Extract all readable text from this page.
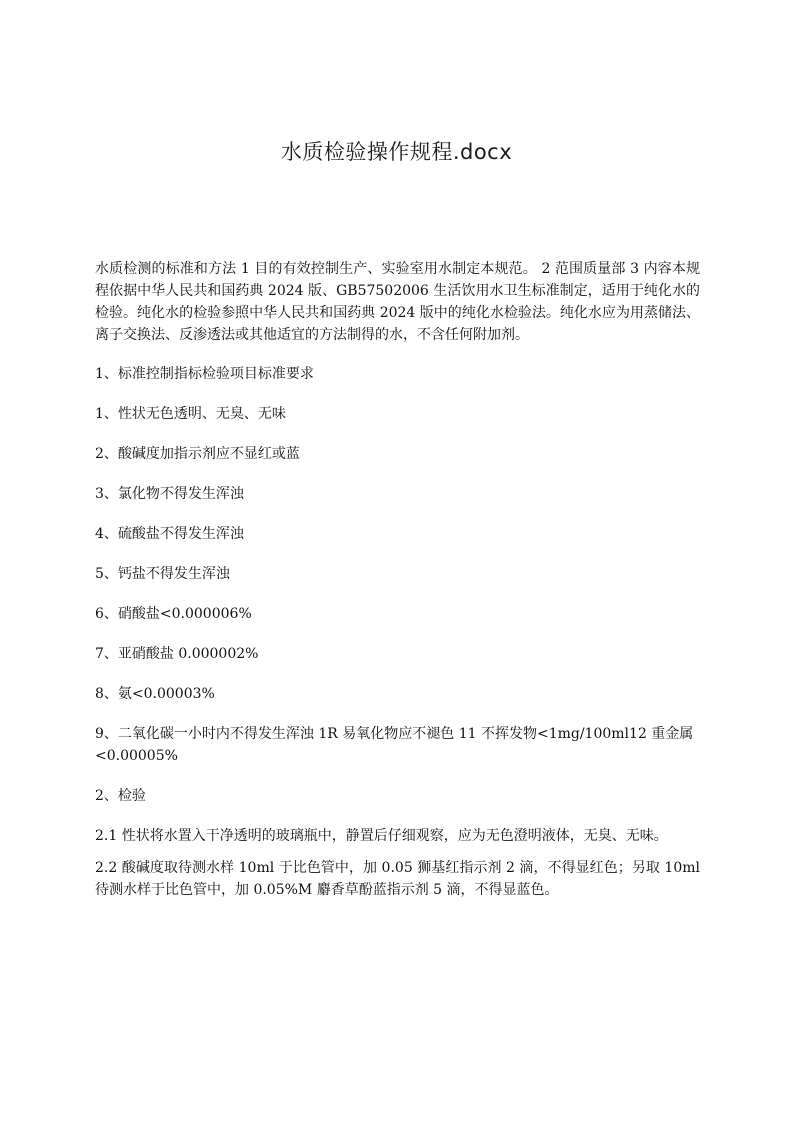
水质检验操作规程.docx

水质检测的标准和方法 1 目的有效控制生产、实验室用水制定本规范。 2 范围质量部 3 内容本规程依据中华人民共和国药典 2024 版、GB57502006 生活饮用水卫生标准制定，适用于纯化水的检验。纯化水的检验参照中华人民共和国药典 2024 版中的纯化水检验法。纯化水应为用蒸储法、离子交换法、反渗透法或其他适宜的方法制得的水，不含任何附加剂。

1、标准控制指标检验项目标准要求

1、性状无色透明、无臭、无味

2、酸碱度加指示剂应不显红或蓝

3、氯化物不得发生浑浊

4、硫酸盐不得发生浑浊

5、钙盐不得发生浑浊

6、硝酸盐<0.000006%

7、亚硝酸盐 0.000002%

8、氨<0.00003%

9、二氧化碳一小时内不得发生浑浊 1R 易氧化物应不褪色 11 不挥发物<1mg/100ml12 重金属<0.00005%

2、检验

2.1 性状将水置入干净透明的玻璃瓶中，静置后仔细观察，应为无色澄明液体，无臭、无味。

2.2 酸碱度取待测水样 10ml 于比色管中，加 0.05 狮基红指示剂 2 滴，不得显红色；另取 10ml 待测水样于比色管中，加 0.05%M 麝香草酚蓝指示剂 5 滴，不得显蓝色。
